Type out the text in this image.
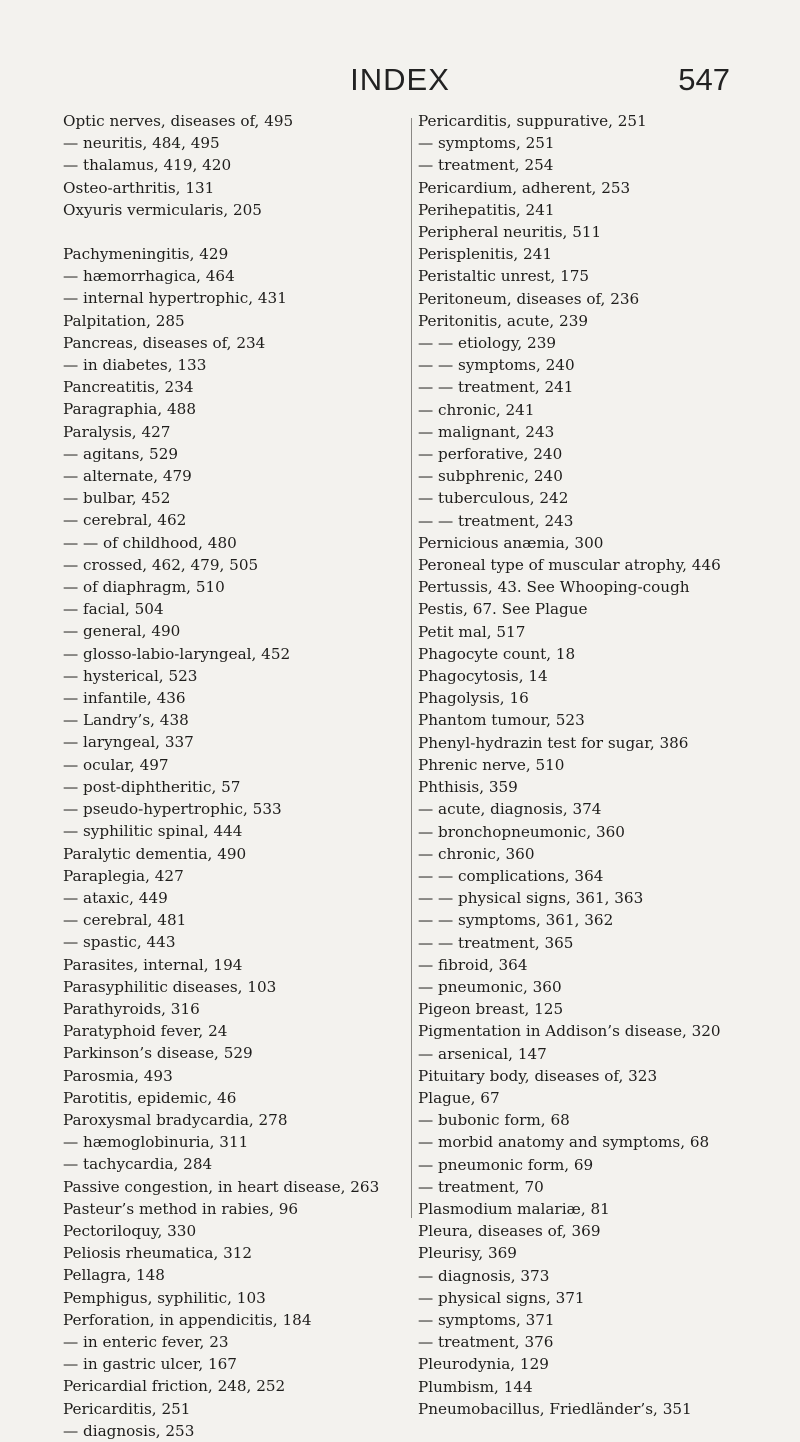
INDEX	547
Optic nerves, diseases of, 495
— neuritis, 484, 495
— thalamus, 419, 420
Osteo-arthritis, 131
Oxyuris vermicularis, 205
Pachymeningitis, 429
— hæmorrhagica, 464
— internal hypertrophic, 431
Palpitation, 285
Pancreas, diseases of, 234
— in diabetes, 133
Pancreatitis, 234
Paragraphia, 488
Paralysis, 427
— agitans, 529
— alternate, 479
— bulbar, 452
— cerebral, 462
— — of childhood, 480
— crossed, 462, 479, 505
— of diaphragm, 510
— facial, 504
— general, 490
— glosso-labio-laryngeal, 452
— hysterical, 523
— infantile, 436
— Landry’s, 438
— laryngeal, 337
— ocular, 497
— post-diphtheritic, 57
— pseudo-hypertrophic, 533
— syphilitic spinal, 444
Paralytic dementia, 490
Paraplegia, 427
— ataxic, 449
— cerebral, 481
— spastic, 443
Parasites, internal, 194
Parasyphilitic diseases, 103
Parathyroids, 316
Paratyphoid fever, 24
Parkinson’s disease, 529
Parosmia, 493
Parotitis, epidemic, 46
Paroxysmal bradycardia, 278
— hæmoglobinuria, 311
— tachycardia, 284
Passive congestion, in heart disease, 263
Pasteur’s method in rabies, 96
Pectoriloquy, 330
Peliosis rheumatica, 312
Pellagra, 148
Pemphigus, syphilitic, 103
Perforation, in appendicitis, 184
— in enteric fever, 23
— in gastric ulcer, 167
Pericardial friction, 248, 252
Pericarditis, 251
— diagnosis, 253
Pericarditis, suppurative, 251
— symptoms, 251
— treatment, 254
Pericardium, adherent, 253
Perihepatitis, 241
Peripheral neuritis, 511
Perisplenitis, 241
Peristaltic unrest, 175
Peritoneum, diseases of, 236
Peritonitis, acute, 239
— — etiology, 239
— — symptoms, 240
— — treatment, 241
— chronic, 241
— malignant, 243
— perforative, 240
— subphrenic, 240
— tuberculous, 242
— — treatment, 243
Pernicious anæmia, 300
Peroneal type of muscular atrophy, 446
Pertussis, 43. See Whooping-cough
Pestis, 67. See Plague
Petit mal, 517
Phagocyte count, 18
Phagocytosis, 14
Phagolysis, 16
Phantom tumour, 523
Phenyl-hydrazin test for sugar, 386
Phrenic nerve, 510
Phthisis, 359
— acute, diagnosis, 374
— bronchopneumonic, 360
— chronic, 360
— — complications, 364
— — physical signs, 361, 363
— — symptoms, 361, 362
— — treatment, 365
— fibroid, 364
— pneumonic, 360
Pigeon breast, 125
Pigmentation in Addison’s disease, 320
— arsenical, 147
Pituitary body, diseases of, 323
Plague, 67
— bubonic form, 68
— morbid anatomy and symptoms, 68
— pneumonic form, 69
— treatment, 70
Plasmodium malariæ, 81
Pleura, diseases of, 369
Pleurisy, 369
— diagnosis, 373
— physical signs, 371
— symptoms, 371
— treatment, 376
Pleurodynia, 129
Plumbism, 144
Pneumobacillus, Friedländer’s, 351
